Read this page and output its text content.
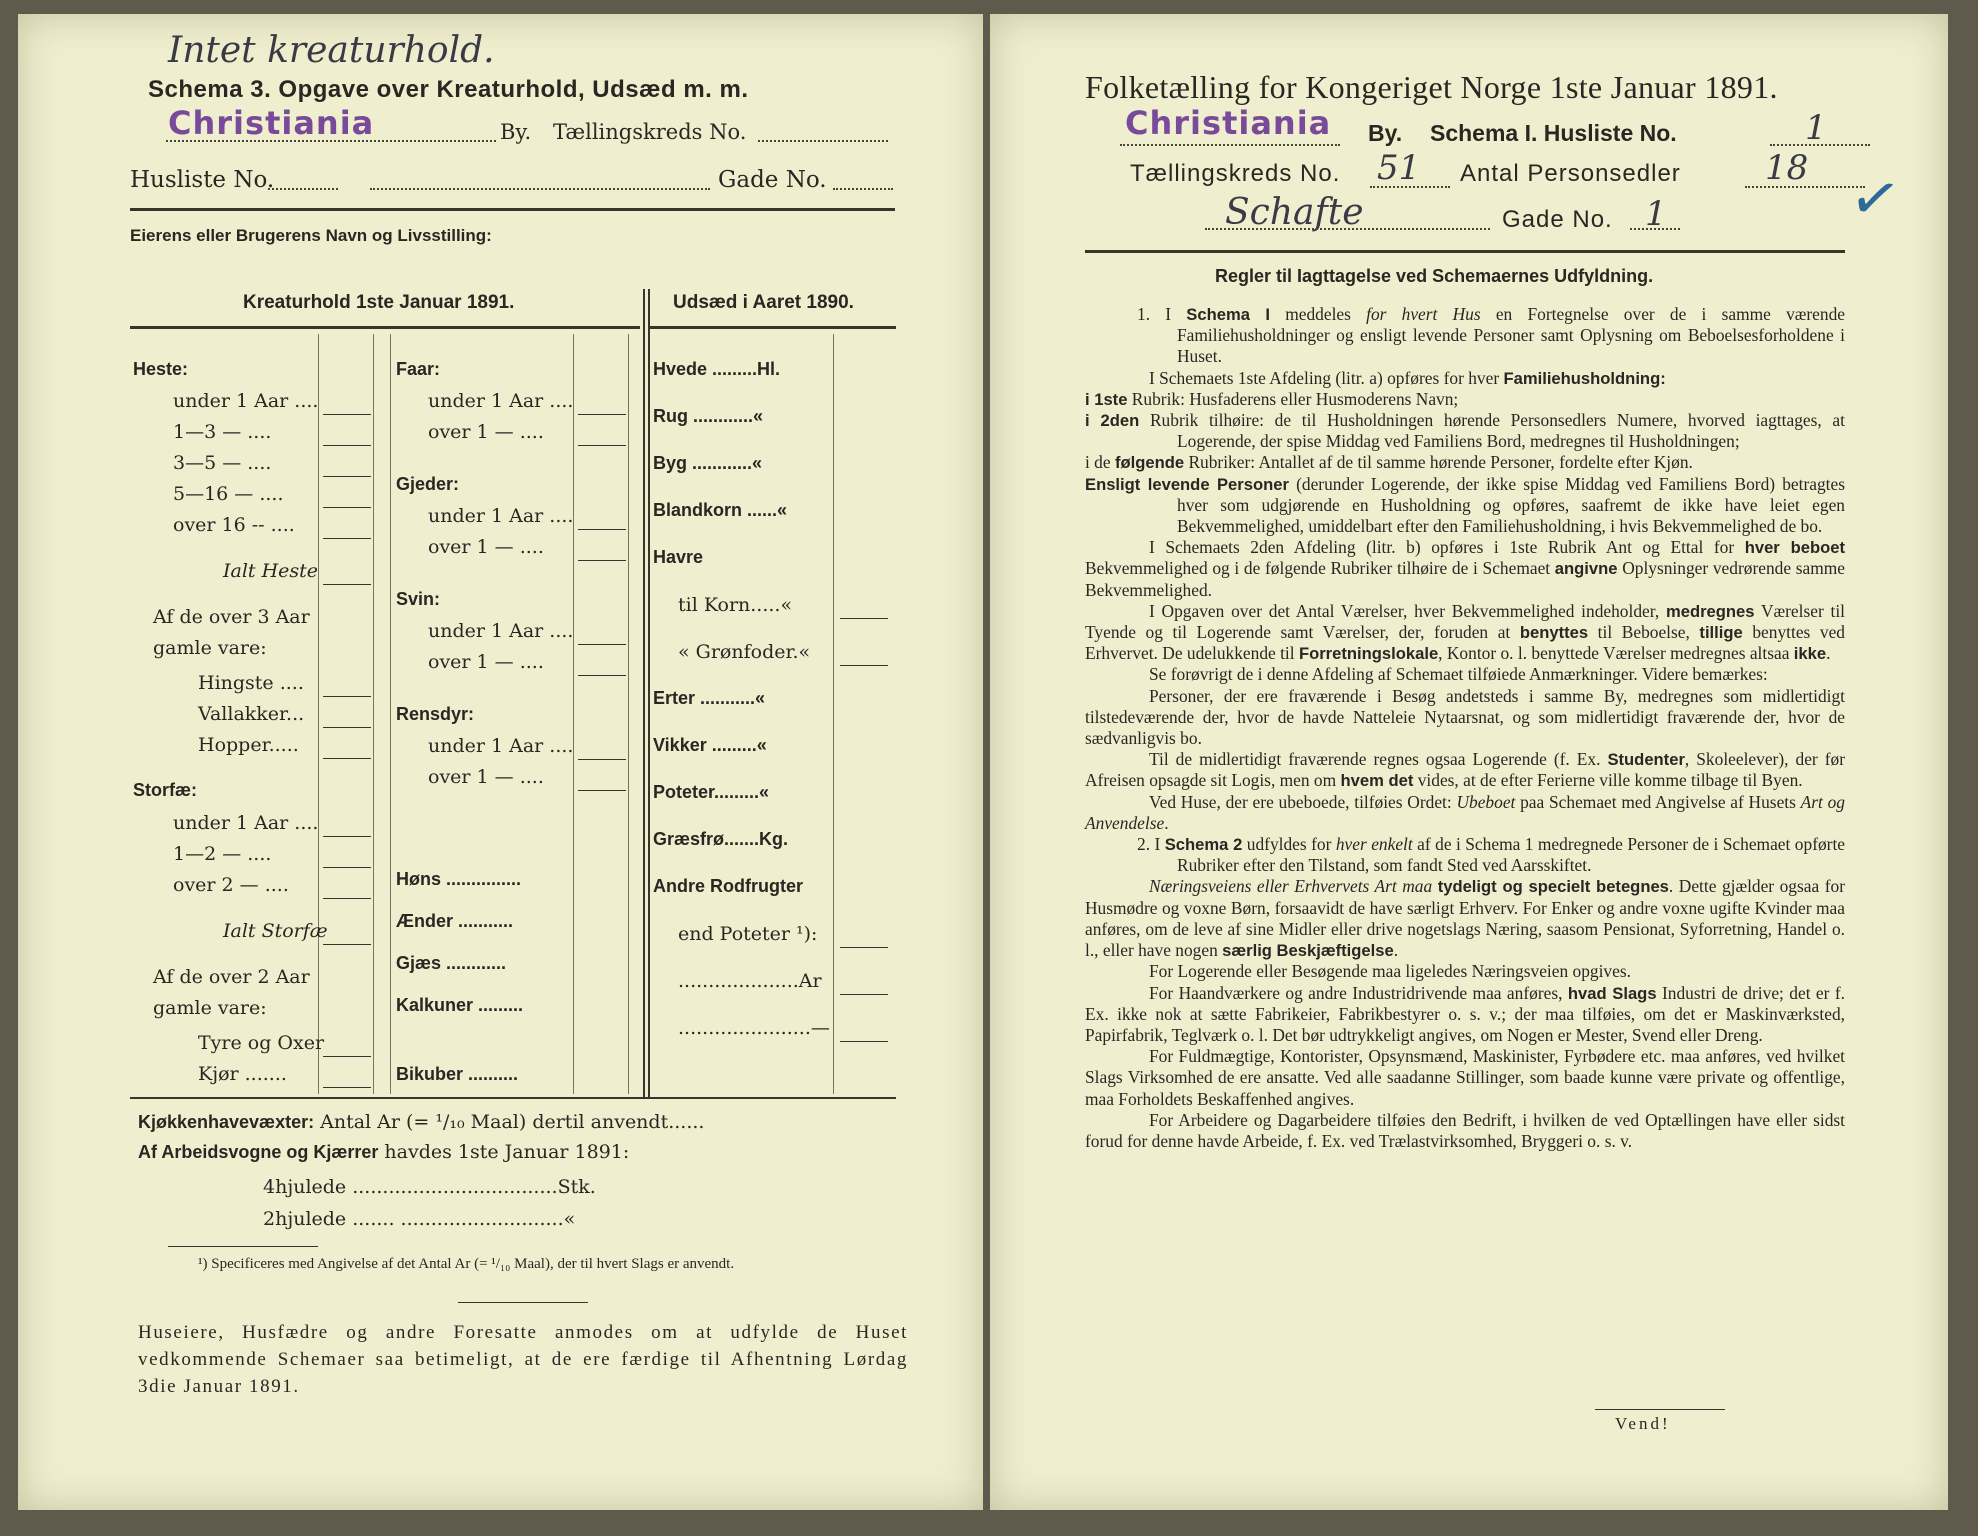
Intet kreaturhold.
Schema 3. Opgave over Kreaturhold, Udsæd m. m.
Christiania	By. Tællingskreds No.
Husliste No.	Gade No.
Eierens eller Brugerens Navn og Livsstilling:
Kreaturhold 1ste Januar 1891.	Udsæd i Aaret 1890.
Heste:
under 1 Aar ....
1—3 — ....
3—5 — ....
5—16 — ....
over 16 -- ....
Ialt Heste
Af de over 3 Aar
gamle vare:
Hingste ....
Vallakker...
Hopper.....
Storfæ:
under 1 Aar ....
1—2 — ....
over 2 — ....
Ialt Storfæ
Af de over 2 Aar
gamle vare:
Tyre og Oxer
Kjør .......
Faar:
under 1 Aar ....
over 1 — ....
Gjeder:
under 1 Aar ....
over 1 — ....
Svin:
under 1 Aar ....
over 1 — ....
Rensdyr:
under 1 Aar ....
over 1 — ....
Høns ...............
Ænder ...........
Gjæs ............
Kalkuner .........
Bikuber ..........
Hvede .........Hl.
Rug ............«
Byg ............«
Blandkorn ......«
Havre
til Korn.....«
« Grønfoder.«
Erter ...........«
Vikker .........«
Poteter.........«
Græsfrø.......Kg.
Andre Rodfrugter
end Poteter ¹):
....................Ar
......................—
Kjøkkenhavevæxter: Antal Ar (= ¹/₁₀ Maal) dertil anvendt......
Af Arbeidsvogne og Kjærrer havdes 1ste Januar 1891:
4hjulede ..................................Stk.
2hjulede ....... ...........................«
¹) Specificeres med Angivelse af det Antal Ar (= ¹/₁₀ Maal), der til hvert Slags er anvendt.

Huseiere, Husfædre og andre Foresatte anmodes om at udfylde de Huset vedkommende Schemaer saa betimeligt, at de ere færdige til Afhentning Lørdag 3die Januar 1891.

Folketælling for Kongeriget Norge 1ste Januar 1891.
Christiania By. Schema I. Husliste No.	1
Tællingskreds No. 51 Antal Personsedler 18
Schafte	Gade No. 1	✓
Regler til Iagttagelse ved Schemaernes Udfyldning.

1. I Schema I meddeles for hvert Hus en Fortegnelse over de i samme værende Familiehusholdninger og ensligt levende Personer samt Oplysning om Beboelsesforholdene i Huset.

I Schemaets 1ste Afdeling (litr. a) opføres for hver Familiehusholdning:

i 1ste Rubrik: Husfaderens eller Husmoderens Navn;

i 2den Rubrik tilhøire: de til Husholdningen hørende Personsedlers Numere, hvorved iagttages, at Logerende, der spise Middag ved Familiens Bord, medregnes til Husholdningen;

i de følgende Rubriker: Antallet af de til samme hørende Personer, fordelte efter Kjøn.

Ensligt levende Personer (derunder Logerende, der ikke spise Middag ved Familiens Bord) betragtes hver som udgjørende en Husholdning og opføres, saafremt de ikke have leiet egen Bekvemmelighed, umiddelbart efter den Familiehusholdning, i hvis Bekvemmelighed de bo.

I Schemaets 2den Afdeling (litr. b) opføres i 1ste Rubrik Ant og Ettal for hver beboet Bekvemmelighed og i de følgende Rubriker tilhøire de i Schemaet angivne Oplysninger vedrørende samme Bekvemmelighed.

I Opgaven over det Antal Værelser, hver Bekvemmelighed indeholder, medregnes Værelser til Tyende og til Logerende samt Værelser, der, foruden at benyttes til Beboelse, tillige benyttes ved Erhvervet. De udelukkende til Forretningslokale, Kontor o. l. benyttede Værelser medregnes altsaa ikke.

Se forøvrigt de i denne Afdeling af Schemaet tilføiede Anmærkninger. Videre bemærkes:

Personer, der ere fraværende i Besøg andetsteds i samme By, medregnes som midlertidigt tilstedeværende der, hvor de havde Natteleie Nytaarsnat, og som midlertidigt fraværende der, hvor de sædvanligvis bo.

Til de midlertidigt fraværende regnes ogsaa Logerende (f. Ex. Studenter, Skoleelever), der før Afreisen opsagde sit Logis, men om hvem det vides, at de efter Ferierne ville komme tilbage til Byen.

Ved Huse, der ere ubeboede, tilføies Ordet: Ubeboet paa Schemaet med Angivelse af Husets Art og Anvendelse.

2. I Schema 2 udfyldes for hver enkelt af de i Schema 1 medregnede Personer de i Schemaet opførte Rubriker efter den Tilstand, som fandt Sted ved Aarsskiftet.

Næringsveiens eller Erhvervets Art maa tydeligt og specielt betegnes. Dette gjælder ogsaa for Husmødre og voxne Børn, forsaavidt de have særligt Erhverv. For Enker og andre voxne ugifte Kvinder maa anføres, om de leve af sine Midler eller drive nogetslags Næring, saasom Pensionat, Syforretning, Handel o. l., eller have nogen særlig Beskjæftigelse.

For Logerende eller Besøgende maa ligeledes Næringsveien opgives.

For Haandværkere og andre Industridrivende maa anføres, hvad Slags Industri de drive; det er f. Ex. ikke nok at sætte Fabrikeier, Fabrikbestyrer o. s. v.; der maa tilføies, om det er Maskinværksted, Papirfabrik, Teglværk o. l. Det bør udtrykkeligt angives, om Nogen er Mester, Svend eller Dreng.

For Fuldmægtige, Kontorister, Opsynsmænd, Maskinister, Fyrbødere etc. maa anføres, ved hvilket Slags Virksomhed de ere ansatte. Ved alle saadanne Stillinger, som baade kunne være private og offentlige, maa Forholdets Beskaffenhed angives.

For Arbeidere og Dagarbeidere tilføies den Bedrift, i hvilken de ved Optællingen have eller sidst forud for denne havde Arbeide, f. Ex. ved Trælastvirksomhed, Bryggeri o. s. v.

Vend!
